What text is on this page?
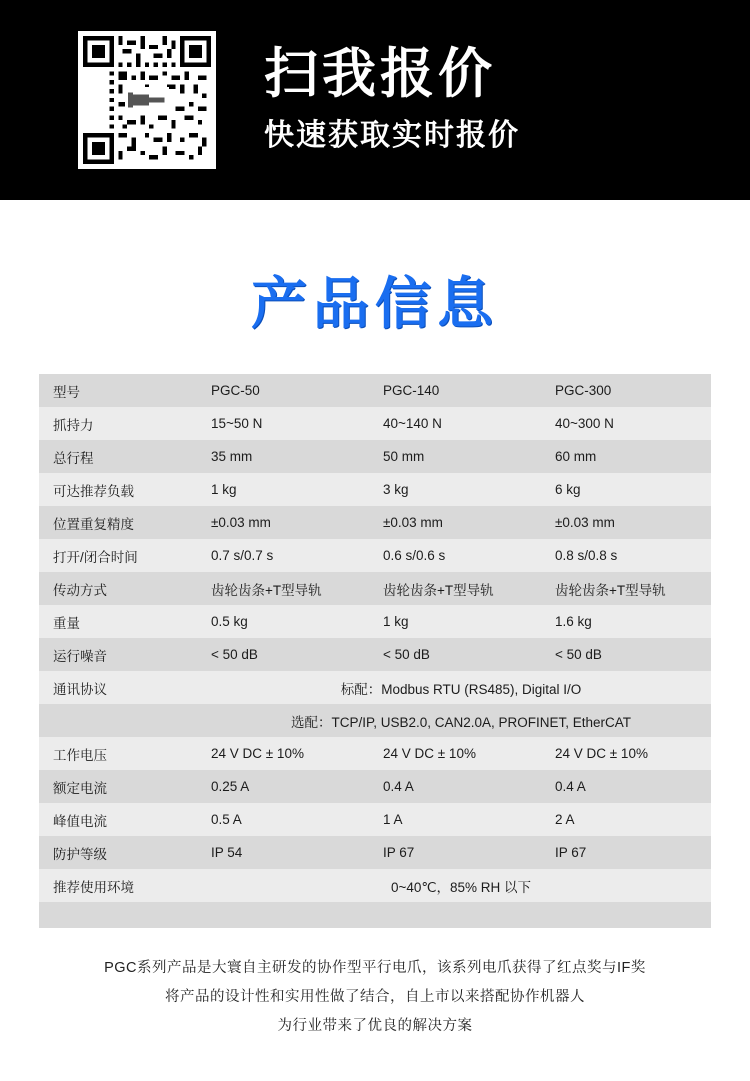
扫我报价
快速获取实时报价
产品信息
型号	PGC-50	PGC-140	PGC-300
抓持力	15~50 N	40~140 N	40~300 N
总行程	35 mm	50 mm	60 mm
可达推荐负载	1 kg	3 kg	6 kg
位置重复精度	±0.03 mm	±0.03 mm	±0.03 mm
打开/闭合时间	0.7 s/0.7 s	0.6 s/0.6 s	0.8 s/0.8 s
传动方式	齿轮齿条+T型导轨	齿轮齿条+T型导轨	齿轮齿条+T型导轨
重量	0.5 kg	1 kg	1.6 kg
运行噪音	< 50 dB	< 50 dB	< 50 dB
通讯协议	标配：Modbus RTU (RS485), Digital I/O		
	选配：TCP/IP, USB2.0, CAN2.0A, PROFINET, EtherCAT		
工作电压	24 V DC ± 10%	24 V DC ± 10%	24 V DC ± 10%
额定电流	0.25 A	0.4 A	0.4 A
峰值电流	0.5 A	1 A	2 A
防护等级	IP 54	IP 67	IP 67
推荐使用环境	0~40℃，85% RH 以下		

PGC系列产品是大寰自主研发的协作型平行电爪，该系列电爪获得了红点奖与IF奖
将产品的设计性和实用性做了结合，自上市以来搭配协作机器人
为行业带来了优良的解决方案
